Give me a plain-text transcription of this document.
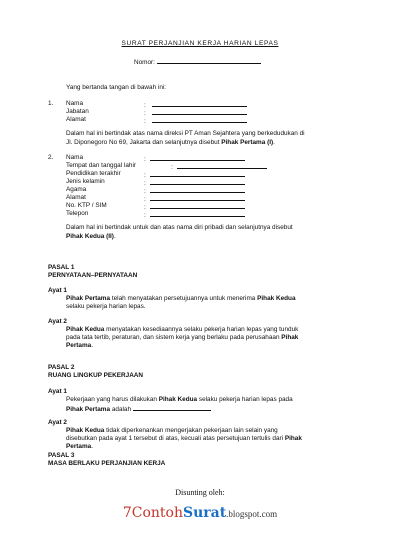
SURAT PERJANJIAN KERJA HARIAN LEPAS
Nomor:
Yang bertanda tangan di bawah ini:
1. Nama	:
Jabatan	:
Alamat	:
Dalam hal ini bertindak atas nama direksi PT Aman Sejahtera yang berkedudukan di
Jl. Diponegoro No 69, Jakarta dan selanjutnya disebut Pihak Pertama (I).
2. Nama	:
Tempat dan tanggal lahir	:
Pendidikan terakhir	:
Jenis kelamin	:
Agama	:
Alamat	:
No. KTP / SIM	:
Telepon	:
Dalam hal ini bertindak untuk dan atas nama diri pribadi dan selanjutnya disebut
Pihak Kedua (II).
PASAL 1
PERNYATAAN–PERNYATAAN
Ayat 1
Pihak Pertama telah menyatakan persetujuannya untuk menerima Pihak Kedua
selaku pekerja harian lepas.
Ayat 2
Pihak Kedua menyatakan kesediaannya selaku pekerja harian lepas yang tunduk
pada tata tertib, peraturan, dan sistem kerja yang berlaku pada perusahaan Pihak
Pertama.
PASAL 2
RUANG LINGKUP PEKERJAAN
Ayat 1
Pekerjaan yang harus dilakukan Pihak Kedua selaku pekerja harian lepas pada
Pihak Pertama adalah
Ayat 2
Pihak Kedua tidak diperkenankan mengerjakan pekerjaan lain selain yang
disebutkan pada ayat 1 tersebut di atas, kecuali atas persetujuan tertulis dari Pihak
Pertama.
PASAL 3
MASA BERLAKU PERJANJIAN KERJA
Disunting oleh:
7ContohSurat.blogspot.com
